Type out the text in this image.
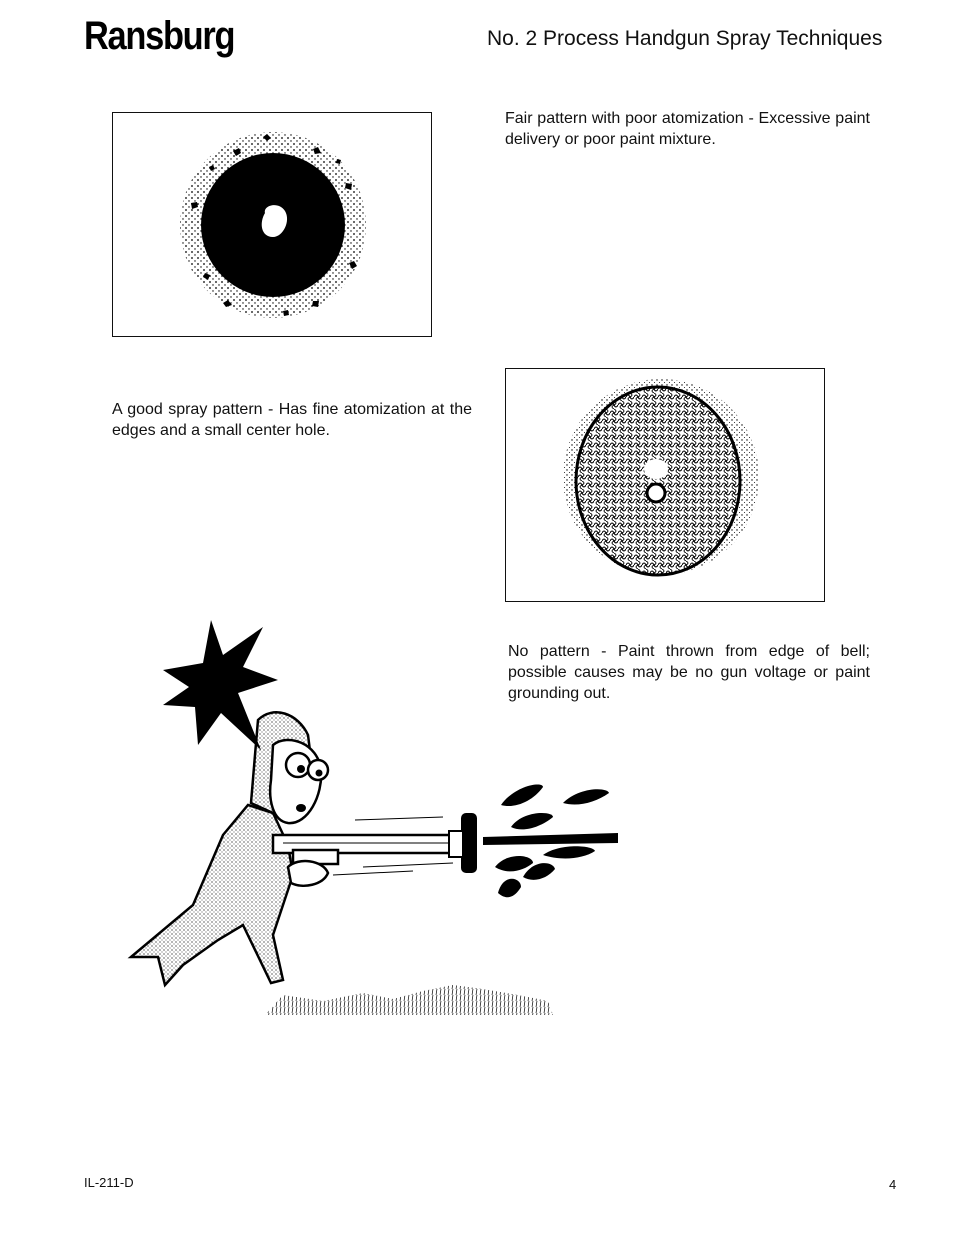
Ransburg	No. 2 Process Handgun Spray Techniques
Fair pattern with poor atomization - Excessive paint delivery or poor paint mixture.
A good spray pattern - Has fine atomization at the edges and a small center hole.
No pattern - Paint thrown from edge of bell; possible causes may be no gun voltage or paint grounding out.
IL-211-D	4
